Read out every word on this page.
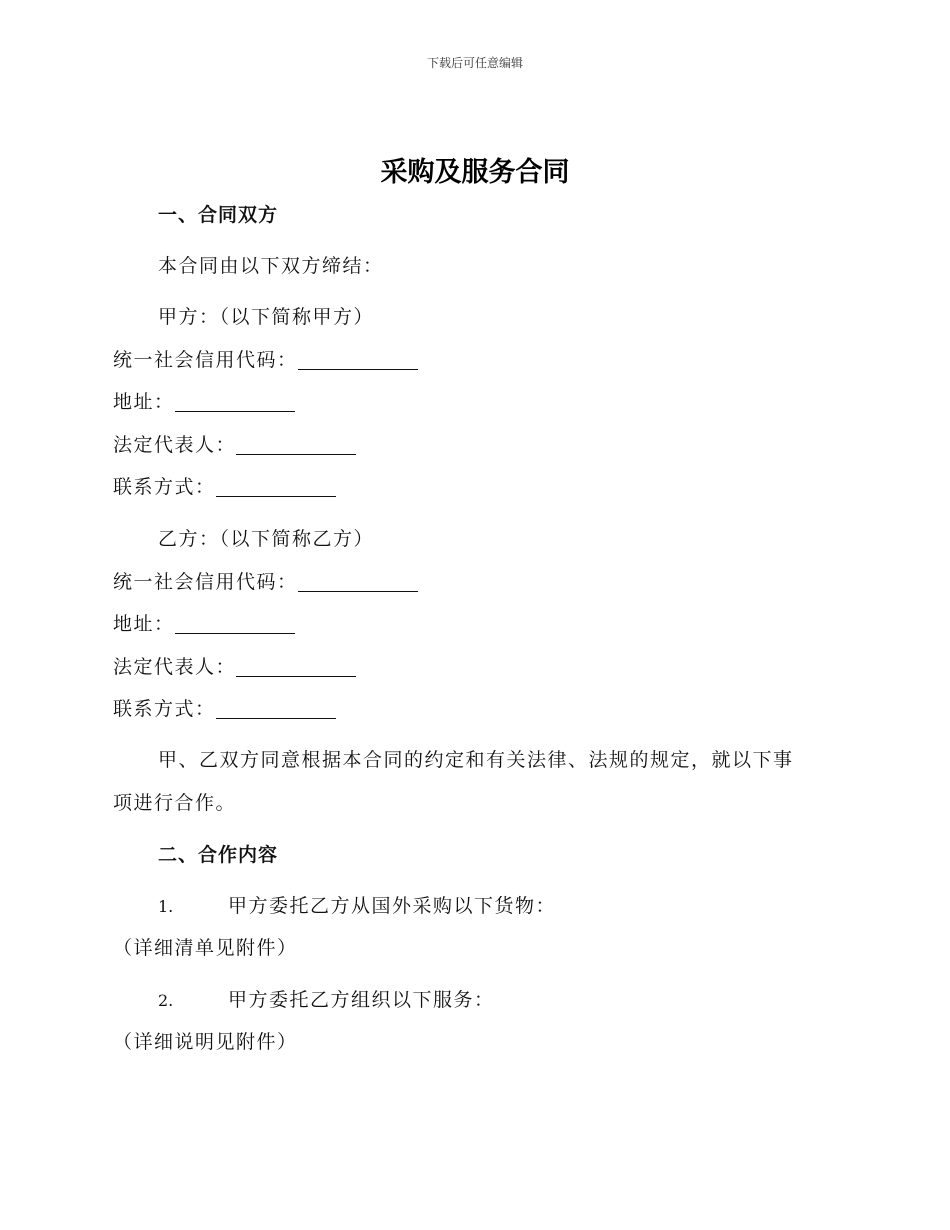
下载后可任意编辑
采购及服务合同
一、合同双方
本合同由以下双方缔结：
甲方：（以下简称甲方）
统一社会信用代码：
地址：
法定代表人：
联系方式：
乙方：（以下简称乙方）
统一社会信用代码：
地址：
法定代表人：
联系方式：
甲、乙双方同意根据本合同的约定和有关法律、法规的规定，就以下事
项进行合作。
二、合作内容
1.	甲方委托乙方从国外采购以下货物：
（详细清单见附件）
2.	甲方委托乙方组织以下服务：
（详细说明见附件）
